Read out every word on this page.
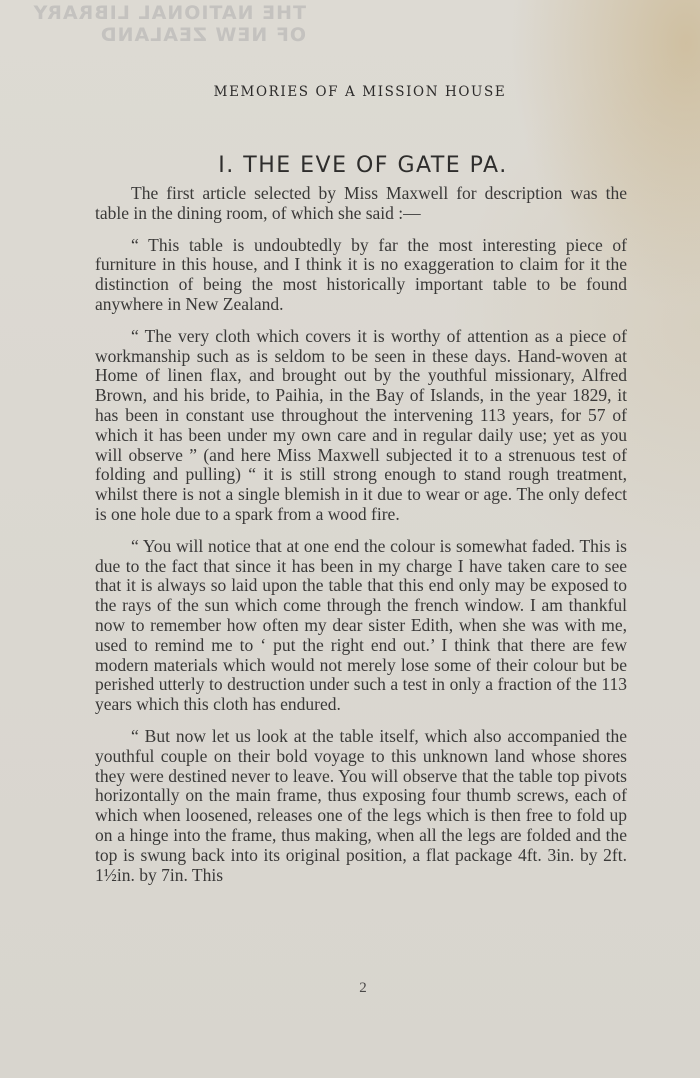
THE NATIONAL LIBRARY
OF NEW ZEALAND
MEMORIES OF A MISSION HOUSE
I. THE EVE OF GATE PA.

The first article selected by Miss Maxwell for description was the table in the dining room, of which she said :—

“ This table is undoubtedly by far the most interesting piece of furniture in this house, and I think it is no exaggeration to claim for it the distinction of being the most historically important table to be found anywhere in New Zealand.

“ The very cloth which covers it is worthy of attention as a piece of workmanship such as is seldom to be seen in these days. Hand-woven at Home of linen flax, and brought out by the youthful missionary, Alfred Brown, and his bride, to Paihia, in the Bay of Islands, in the year 1829, it has been in constant use throughout the intervening 113 years, for 57 of which it has been under my own care and in regular daily use; yet as you will observe ” (and here Miss Maxwell subjected it to a strenuous test of folding and pulling) “ it is still strong enough to stand rough treatment, whilst there is not a single blemish in it due to wear or age. The only defect is one hole due to a spark from a wood fire.

“ You will notice that at one end the colour is somewhat faded. This is due to the fact that since it has been in my charge I have taken care to see that it is always so laid upon the table that this end only may be exposed to the rays of the sun which come through the french window. I am thankful now to remember how often my dear sister Edith, when she was with me, used to remind me to ‘ put the right end out.’ I think that there are few modern materials which would not merely lose some of their colour but be perished utterly to destruction under such a test in only a fraction of the 113 years which this cloth has endured.

“ But now let us look at the table itself, which also accompanied the youthful couple on their bold voyage to this unknown land whose shores they were destined never to leave. You will observe that the table top pivots horizontally on the main frame, thus exposing four thumb screws, each of which when loosened, releases one of the legs which is then free to fold up on a hinge into the frame, thus making, when all the legs are folded and the top is swung back into its original position, a flat package 4ft. 3in. by 2ft. 1½in. by 7in. This

2
